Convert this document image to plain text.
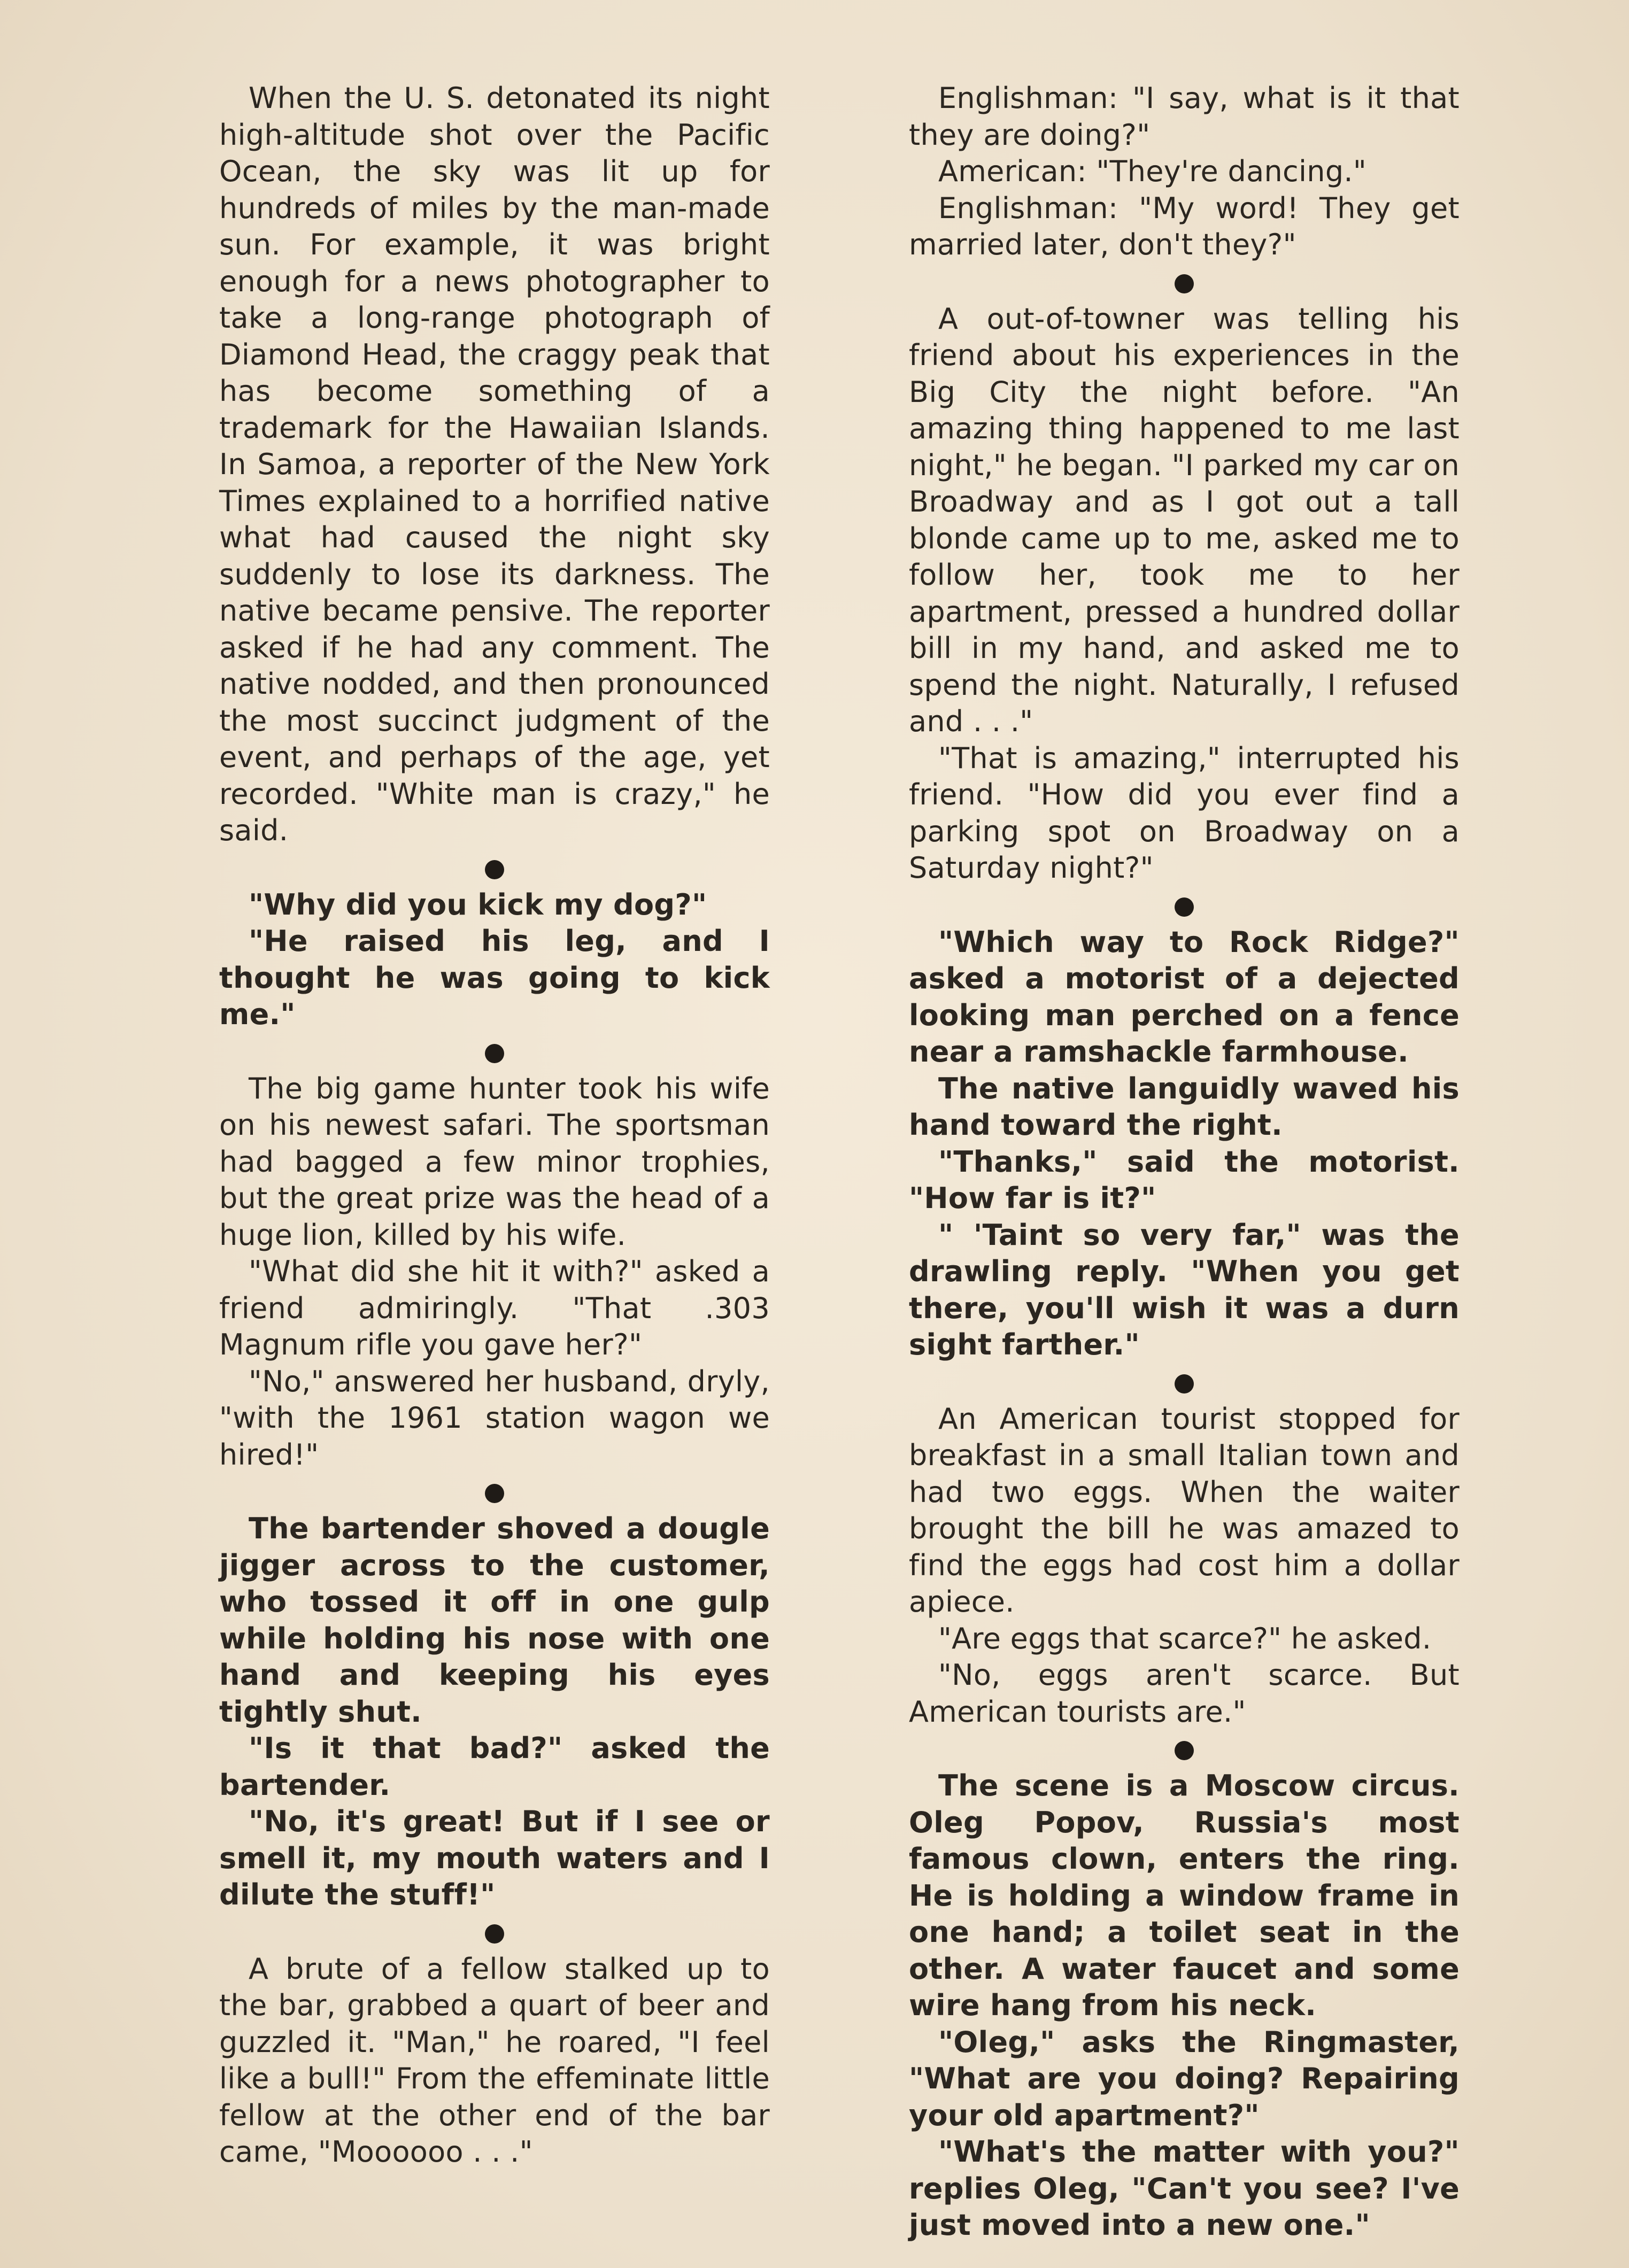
When the U. S. detonated its night high-altitude shot over the Pacific Ocean, the sky was lit up for hundreds of miles by the man-made sun. For example, it was bright enough for a news photographer to take a long-range photograph of Diamond Head, the craggy peak that has become something of a trademark for the Hawaiian Islands. In Samoa, a reporter of the New York Times explained to a horrified native what had caused the night sky suddenly to lose its darkness. The native became pensive. The reporter asked if he had any comment. The native nodded, and then pronounced the most succinct judgment of the event, and perhaps of the age, yet recorded. "White man is crazy," he said.

"Why did you kick my dog?"

"He raised his leg, and I thought he was going to kick me."

The big game hunter took his wife on his newest safari. The sportsman had bagged a few minor trophies, but the great prize was the head of a huge lion, killed by his wife.

"What did she hit it with?" asked a friend admiringly. "That .303 Magnum rifle you gave her?"

"No," answered her husband, dryly, "with the 1961 station wagon we hired!"

The bartender shoved a dougle jigger across to the customer, who tossed it off in one gulp while holding his nose with one hand and keeping his eyes tightly shut.

"Is it that bad?" asked the bartender.

"No, it's great! But if I see or smell it, my mouth waters and I dilute the stuff!"

A brute of a fellow stalked up to the bar, grabbed a quart of beer and guzzled it. "Man," he roared, "I feel like a bull!" From the effeminate little fellow at the other end of the bar came, "Moooooo . . ."

Englishman: "I say, what is it that they are doing?"

American: "They're dancing."

Englishman: "My word! They get married later, don't they?"

A out-of-towner was telling his friend about his experiences in the Big City the night before. "An amazing thing happened to me last night," he began. "I parked my car on Broadway and as I got out a tall blonde came up to me, asked me to follow her, took me to her apartment, pressed a hundred dollar bill in my hand, and asked me to spend the night. Naturally, I refused and . . ."

"That is amazing," interrupted his friend. "How did you ever find a parking spot on Broadway on a Saturday night?"

"Which way to Rock Ridge?" asked a motorist of a dejected looking man perched on a fence near a ramshackle farmhouse.

The native languidly waved his hand toward the right.

"Thanks," said the motorist. "How far is it?"

" 'Taint so very far," was the drawling reply. "When you get there, you'll wish it was a durn sight farther."

An American tourist stopped for breakfast in a small Italian town and had two eggs. When the waiter brought the bill he was amazed to find the eggs had cost him a dollar apiece.

"Are eggs that scarce?" he asked.

"No, eggs aren't scarce. But American tourists are."

The scene is a Moscow circus. Oleg Popov, Russia's most famous clown, enters the ring. He is holding a window frame in one hand; a toilet seat in the other. A water faucet and some wire hang from his neck.

"Oleg," asks the Ringmaster, "What are you doing? Repairing your old apartment?"

"What's the matter with you?" replies Oleg, "Can't you see? I've just moved into a new one."
